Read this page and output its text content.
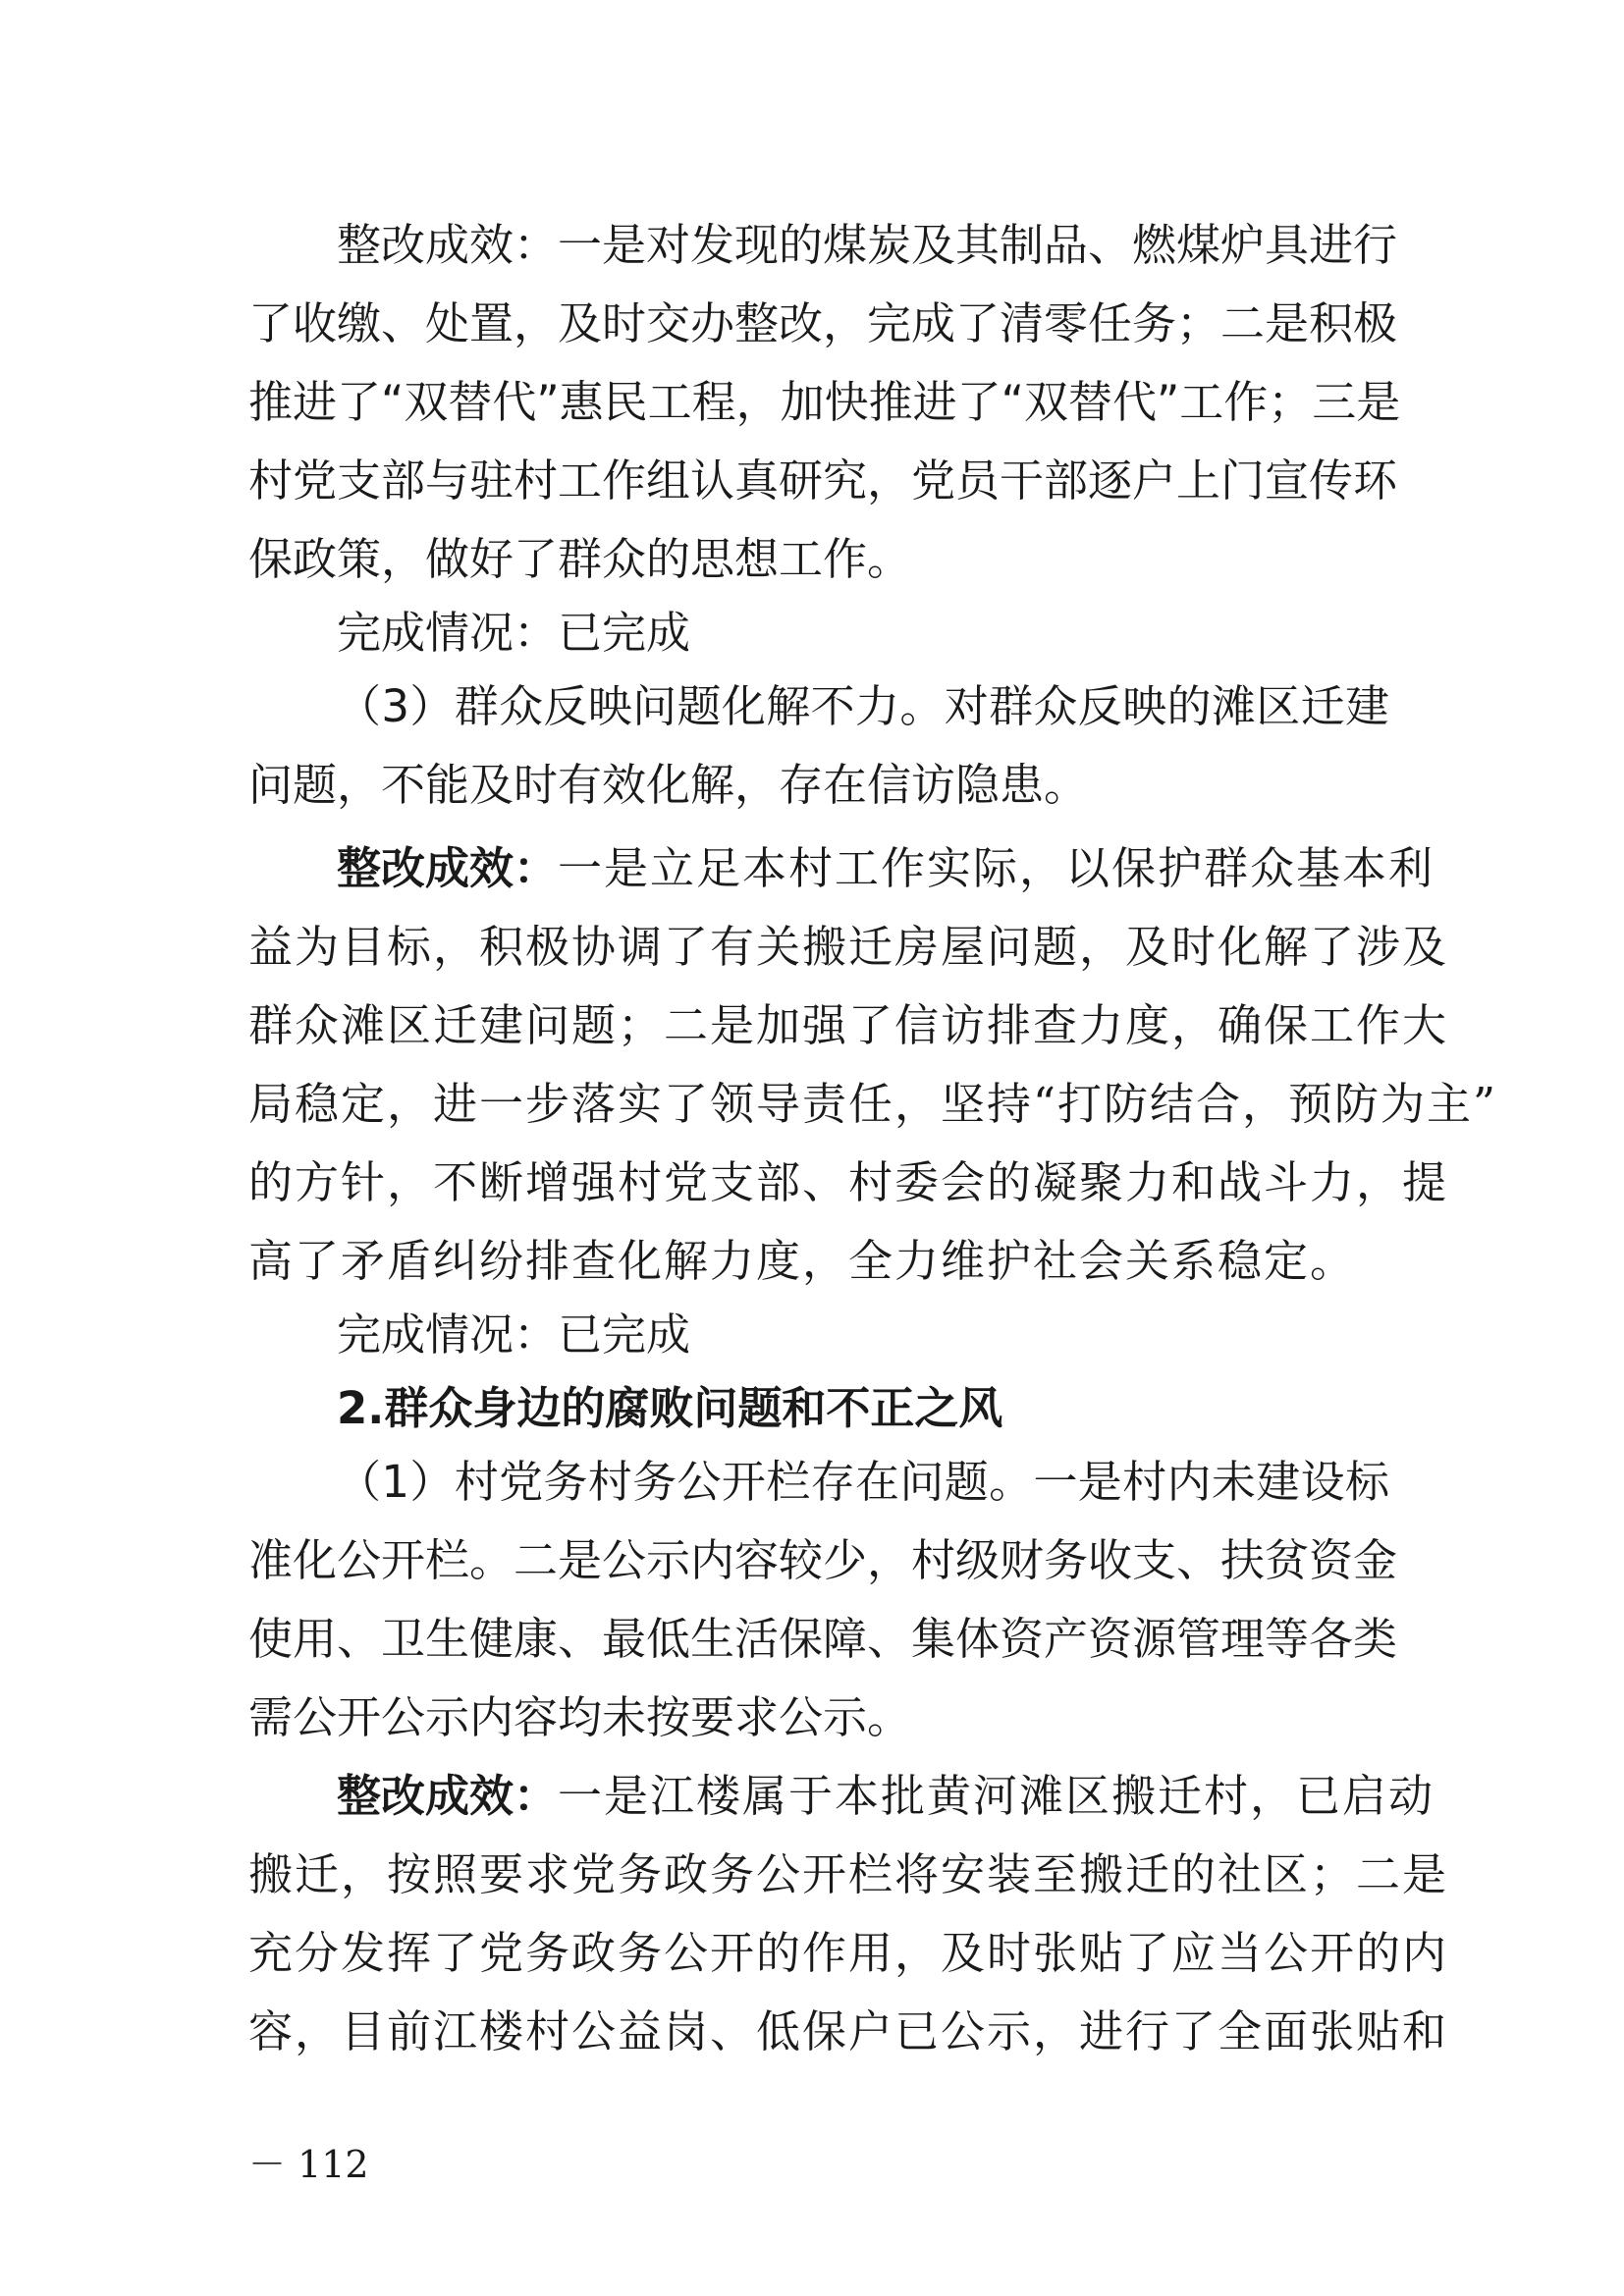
整改成效：一是对发现的煤炭及其制品、燃煤炉具进行
了收缴、处置，及时交办整改，完成了清零任务；二是积极
推进了“双替代”惠民工程，加快推进了“双替代”工作；三是
村党支部与驻村工作组认真研究，党员干部逐户上门宣传环
保政策，做好了群众的思想工作。
完成情况：已完成
（3）群众反映问题化解不力。对群众反映的滩区迁建
问题，不能及时有效化解，存在信访隐患。
整改成效：一是立足本村工作实际，以保护群众基本利
益为目标，积极协调了有关搬迁房屋问题，及时化解了涉及
群众滩区迁建问题；二是加强了信访排查力度，确保工作大
局稳定，进一步落实了领导责任，坚持“打防结合，预防为主”
的方针，不断增强村党支部、村委会的凝聚力和战斗力，提
高了矛盾纠纷排查化解力度，全力维护社会关系稳定。
完成情况：已完成
2.群众身边的腐败问题和不正之风
（1）村党务村务公开栏存在问题。一是村内未建设标
准化公开栏。二是公示内容较少，村级财务收支、扶贫资金
使用、卫生健康、最低生活保障、集体资产资源管理等各类
需公开公示内容均未按要求公示。
整改成效：一是江楼属于本批黄河滩区搬迁村，已启动
搬迁，按照要求党务政务公开栏将安装至搬迁的社区；二是
充分发挥了党务政务公开的作用，及时张贴了应当公开的内
容，目前江楼村公益岗、低保户已公示，进行了全面张贴和
－ 112
